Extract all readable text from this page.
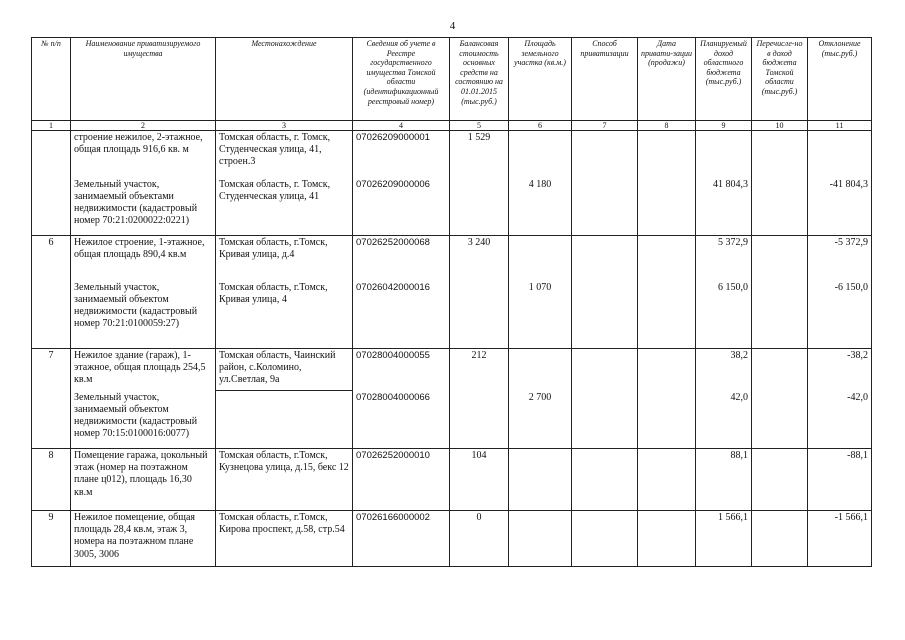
4
№ п/п	Наименование приватизируемого имущества	Местонахождение	Сведения об учете в Реестре государственного имущества Томской области (идентификационный реестровый номер)	Балансовая стоимость основных средств на состоянию на 01.01.2015 (тыс.руб.)	Площадь земельного участка (кв.м.)	Способ приватизации	Дата привати-зации (продажи)	Планируемый доход областного бюджета (тыс.руб.)	Перечисле-но в доход бюджета Томской области (тыс.руб.)	Отклонение (тыс.руб.)
1	2	3	4	5	6	7	8	9	10	11
	строение нежилое, 2-этажное, общая площадь 916,6 кв. м	Томская область, г. Томск, Студенческая улица, 41, строен.3	07026209000001	1 529						
	Земельный участок, занимаемый объектами недвижимости (кадастровый номер 70:21:0200022:0221)	Томская область, г. Томск, Студенческая улица, 41	07026209000006		4 180			41 804,3		-41 804,3
6	Нежилое строение, 1-этажное, общая площадь 890,4 кв.м	Томская область, г.Томск, Кривая улица, д.4	07026252000068	3 240				5 372,9		-5 372,9
	Земельный участок, занимаемый объектом недвижимости (кадастровый номер 70:21:0100059:27)	Томская область, г.Томск, Кривая улица, 4	07026042000016		1 070			6 150,0		-6 150,0
7	Нежилое здание (гараж), 1-этажное, общая площадь 254,5 кв.м	Томская область, Чаинский район, с.Коломино, ул.Светлая, 9а	07028004000055	212				38,2		-38,2
	Земельный участок, занимаемый объектом недвижимости (кадастровый номер 70:15:0100016:0077)		07028004000066		2 700			42,0		-42,0
8	Помещение гаража, цокольный этаж (номер на поэтажном плане ц012), площадь 16,30 кв.м	Томская область, г.Томск, Кузнецова улица, д.15, бекс 12	07026252000010	104				88,1		-88,1
9	Нежилое помещение, общая площадь 28,4 кв.м, этаж 3, номера на поэтажном плане 3005, 3006	Томская область, г.Томск, Кирова проспект, д.58, стр.54	07026166000002	0				1 566,1		-1 566,1
